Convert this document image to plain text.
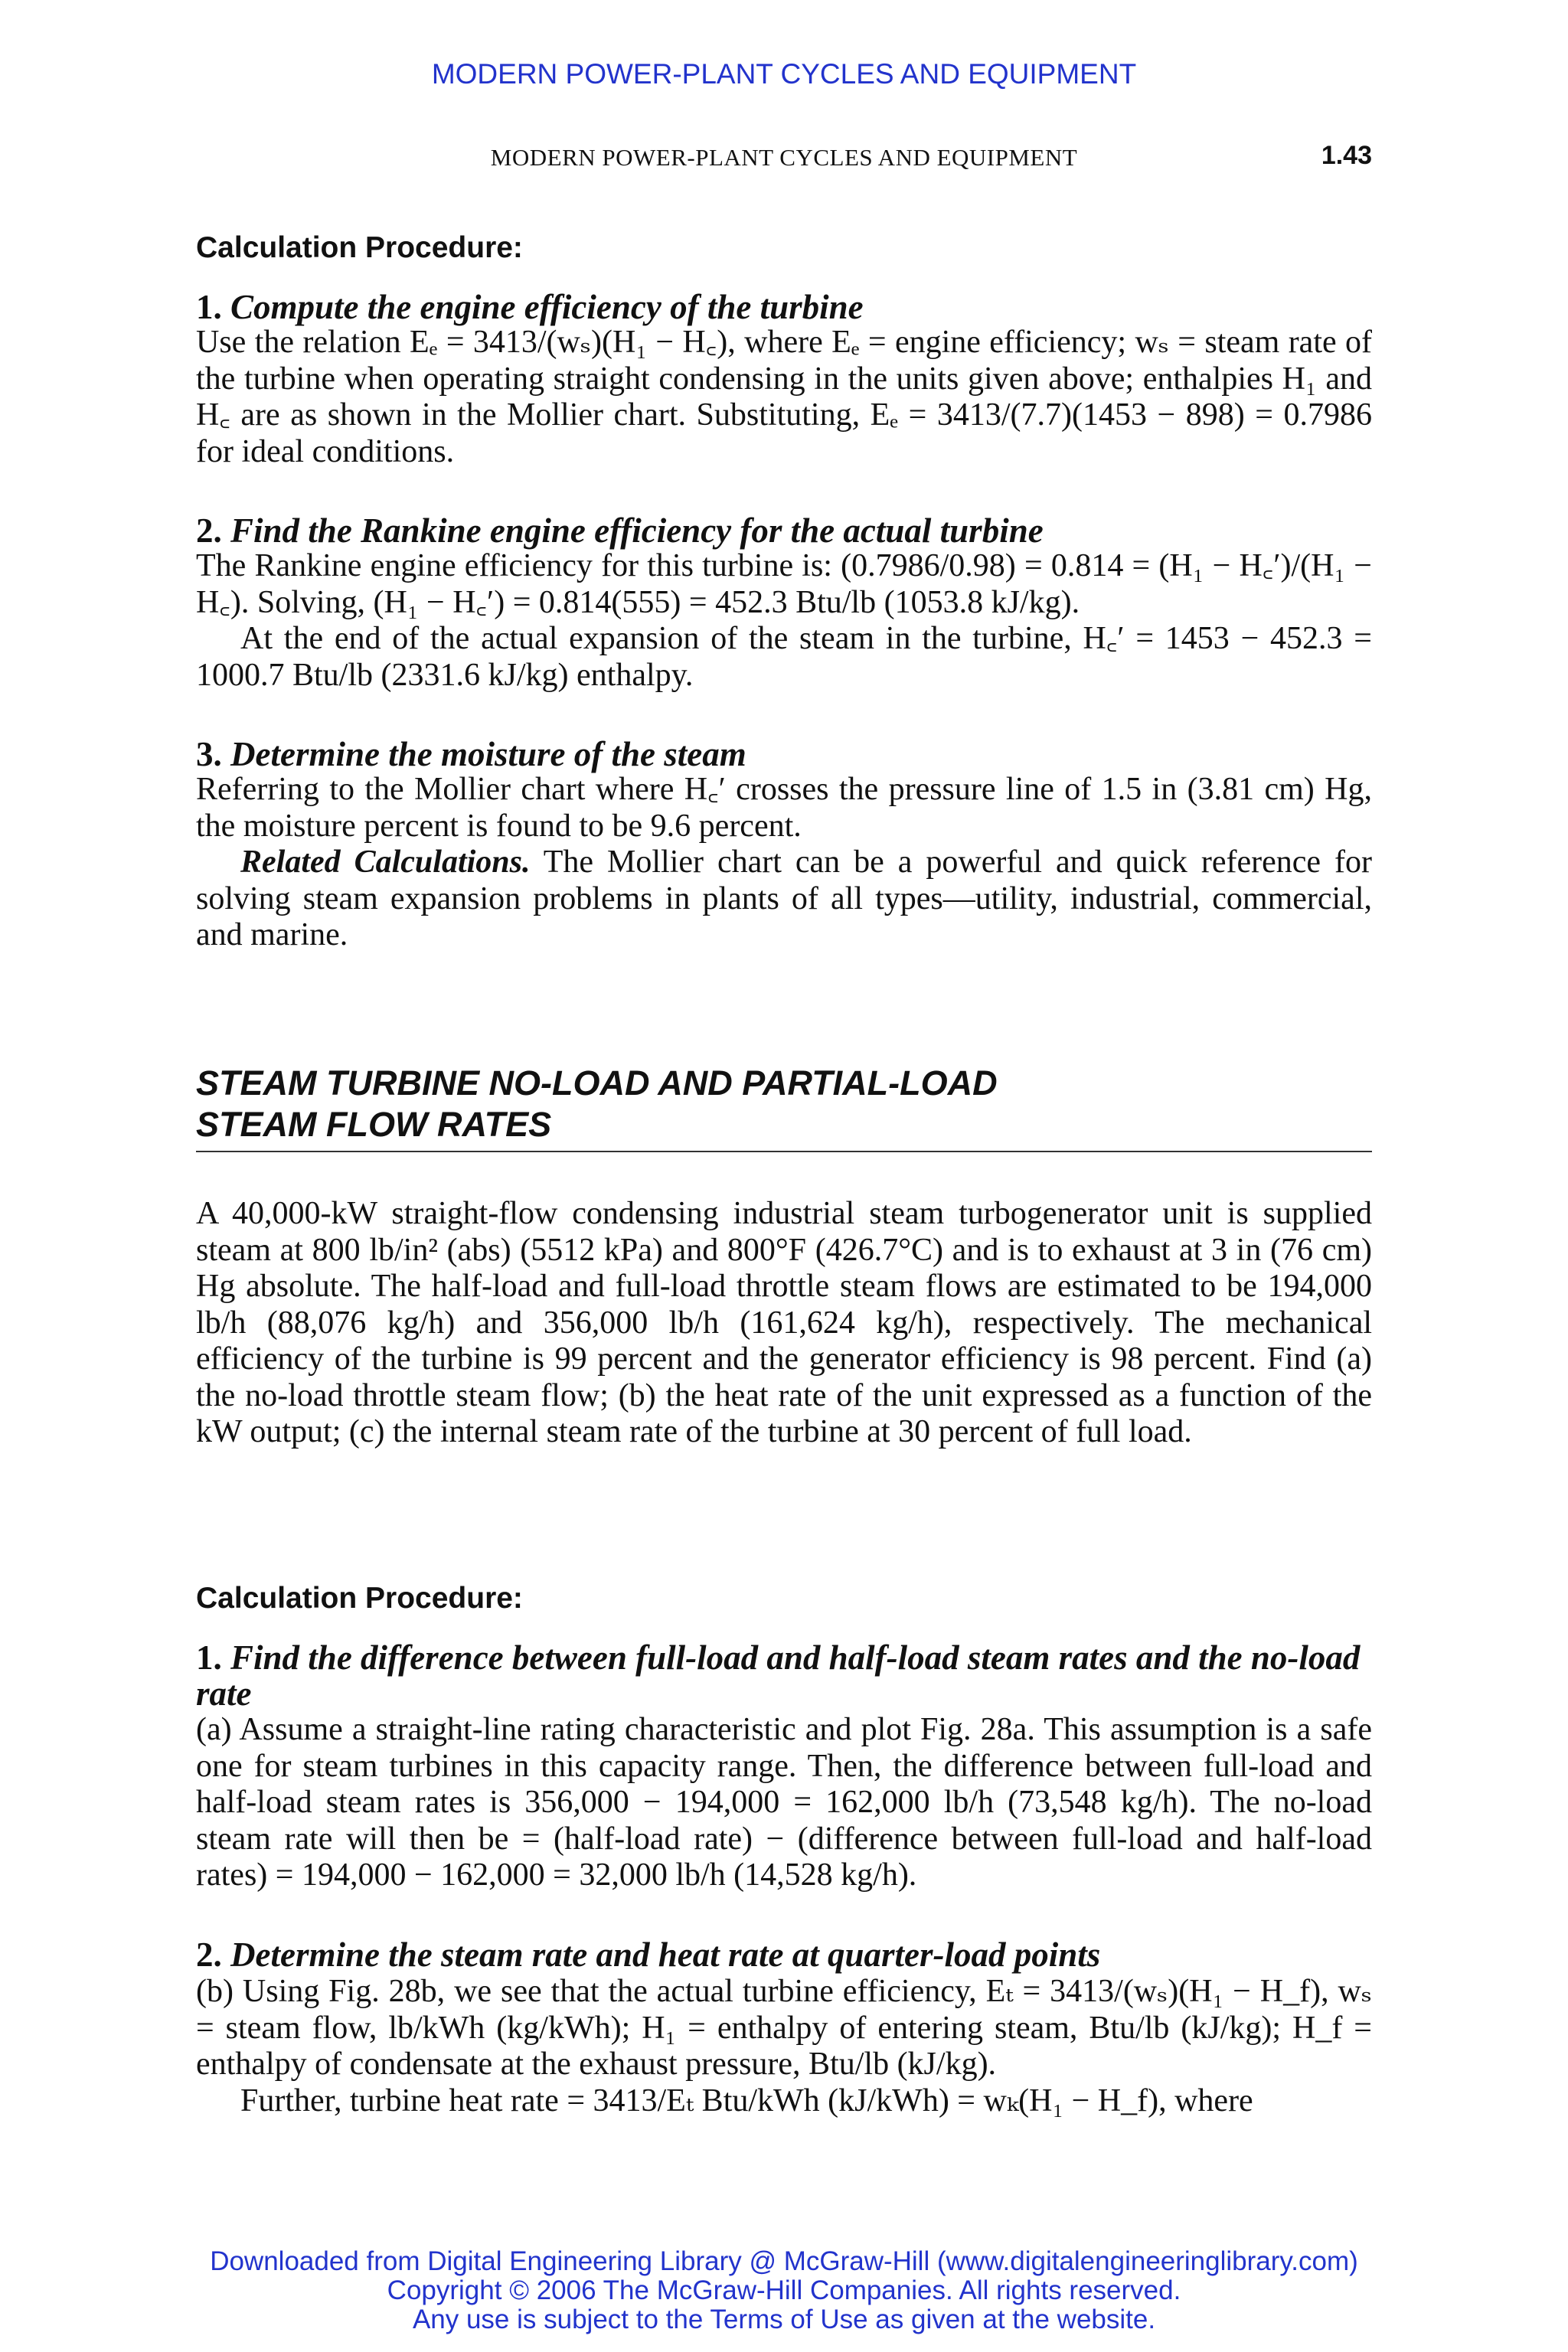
MODERN POWER-PLANT CYCLES AND EQUIPMENT
MODERN POWER-PLANT CYCLES AND EQUIPMENT	1.43
Calculation Procedure:
1. Compute the engine efficiency of the turbine

Use the relation Eₑ = 3413/(wₛ)(H₁ − H꜀), where Eₑ = engine efficiency; wₛ = steam rate of the turbine when operating straight condensing in the units given above; enthalpies H₁ and H꜀ are as shown in the Mollier chart. Substituting, Eₑ = 3413/(7.7)(1453 − 898) = 0.7986 for ideal conditions.

2. Find the Rankine engine efficiency for the actual turbine

The Rankine engine efficiency for this turbine is: (0.7986/0.98) = 0.814 = (H₁ − H꜀′)/(H₁ − H꜀). Solving, (H₁ − H꜀′) = 0.814(555) = 452.3 Btu/lb (1053.8 kJ/kg).

At the end of the actual expansion of the steam in the turbine, H꜀′ = 1453 − 452.3 = 1000.7 Btu/lb (2331.6 kJ/kg) enthalpy.

3. Determine the moisture of the steam

Referring to the Mollier chart where H꜀′ crosses the pressure line of 1.5 in (3.81 cm) Hg, the moisture percent is found to be 9.6 percent.

Related Calculations. The Mollier chart can be a powerful and quick reference for solving steam expansion problems in plants of all types—utility, industrial, commercial, and marine.

STEAM TURBINE NO-LOAD AND PARTIAL-LOAD
STEAM FLOW RATES

A 40,000-kW straight-flow condensing industrial steam turbogenerator unit is supplied steam at 800 lb/in² (abs) (5512 kPa) and 800°F (426.7°C) and is to exhaust at 3 in (76 cm) Hg absolute. The half-load and full-load throttle steam flows are estimated to be 194,000 lb/h (88,076 kg/h) and 356,000 lb/h (161,624 kg/h), respectively. The mechanical efficiency of the turbine is 99 percent and the generator efficiency is 98 percent. Find (a) the no-load throttle steam flow; (b) the heat rate of the unit expressed as a function of the kW output; (c) the internal steam rate of the turbine at 30 percent of full load.

Calculation Procedure:
1. Find the difference between full-load and half-load steam rates and the no-load rate

(a) Assume a straight-line rating characteristic and plot Fig. 28a. This assumption is a safe one for steam turbines in this capacity range. Then, the difference between full-load and half-load steam rates is 356,000 − 194,000 = 162,000 lb/h (73,548 kg/h). The no-load steam rate will then be = (half-load rate) − (difference between full-load and half-load rates) = 194,000 − 162,000 = 32,000 lb/h (14,528 kg/h).

2. Determine the steam rate and heat rate at quarter-load points

(b) Using Fig. 28b, we see that the actual turbine efficiency, Eₜ = 3413/(wₛ)(H₁ − H_f), wₛ = steam flow, lb/kWh (kg/kWh); H₁ = enthalpy of entering steam, Btu/lb (kJ/kg); H_f = enthalpy of condensate at the exhaust pressure, Btu/lb (kJ/kg).

Further, turbine heat rate = 3413/Eₜ Btu/kWh (kJ/kWh) = wₖ(H₁ − H_f), where

Downloaded from Digital Engineering Library @ McGraw-Hill (www.digitalengineeringlibrary.com)
Copyright © 2006 The McGraw-Hill Companies. All rights reserved.
Any use is subject to the Terms of Use as given at the website.
